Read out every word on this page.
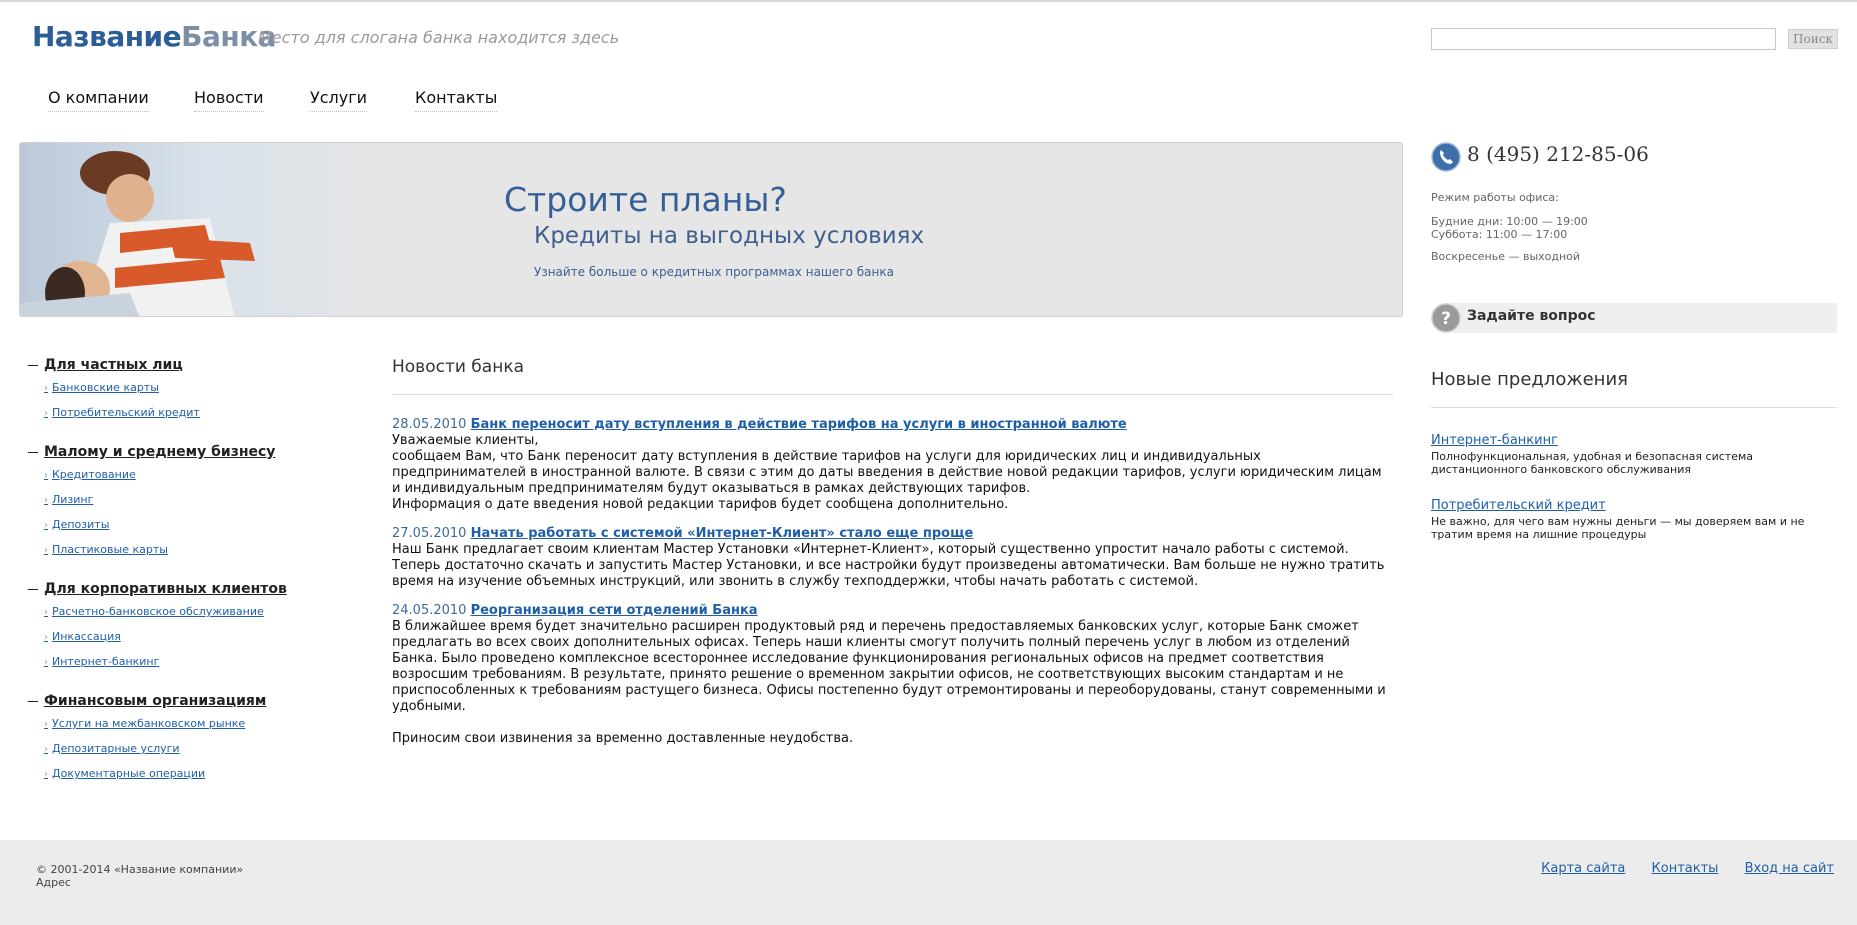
НазваниеБанка
Место для слогана банка находится здесь	Поиск
О компании	Новости	Услуги	Контакты
Строите планы?
Кредиты на выгодных условиях
Узнайте больше о кредитных программах нашего банка
8 (495) 212-85-06
Режим работы офиса:
Будние дни: 10:00 — 19:00
Суббота: 11:00 — 17:00
Воскресенье — выходной
? Задайте вопрос
Новые предложения
Интернет-банкинг

Полнофункциональная, удобная и безопасная система дистанционного банковского обслуживания

Потребительский кредит

Не важно, для чего вам нужны деньги — мы доверяем вам и не тратим время на лишние процедуры

Для частных лиц
› Банковские карты
› Потребительский кредит
Малому и среднему бизнесу
› Кредитование
› Лизинг
› Депозиты
› Пластиковые карты
Для корпоративных клиентов
› Расчетно-банковское обслуживание
› Инкассация
› Интернет-банкинг
Финансовым организациям
› Услуги на межбанковском рынке
› Депозитарные услуги
› Документарные операции
Новости банка
28.05.2010 Банк переносит дату вступления в действие тарифов на услуги в иностранной валюте

Уважаемые клиенты,

сообщаем Вам, что Банк переносит дату вступления в действие тарифов на услуги для юридических лиц и индивидуальных предпринимателей в иностранной валюте. В связи с этим до даты введения в действие новой редакции тарифов, услуги юридическим лицам и индивидуальным предпринимателям будут оказываться в рамках действующих тарифов.

Информация о дате введения новой редакции тарифов будет сообщена дополнительно.

27.05.2010 Начать работать с системой «Интернет-Клиент» стало еще проще

Наш Банк предлагает своим клиентам Мастер Установки «Интернет-Клиент», который существенно упростит начало работы с системой. Теперь достаточно скачать и запустить Мастер Установки, и все настройки будут произведены автоматически. Вам больше не нужно тратить время на изучение объемных инструкций, или звонить в службу техподдержки, чтобы начать работать с системой.

24.05.2010 Реорганизация сети отделений Банка

В ближайшее время будет значительно расширен продуктовый ряд и перечень предоставляемых банковских услуг, которые Банк сможет предлагать во всех своих дополнительных офисах. Теперь наши клиенты смогут получить полный перечень услуг в любом из отделений Банка. Было проведено комплексное всестороннее исследование функционирования региональных офисов на предмет соответствия возросшим требованиям. В результате, принято решение о временном закрытии офисов, не соответствующих высоким стандартам и не приспособленных к требованиям растущего бизнеса. Офисы постепенно будут отремонтированы и переоборудованы, станут современными и удобными.

Приносим свои извинения за временно доставленные неудобства.

© 2001-2014 «Название компании»
Адрес
Карта сайта Контакты Вход на сайт
